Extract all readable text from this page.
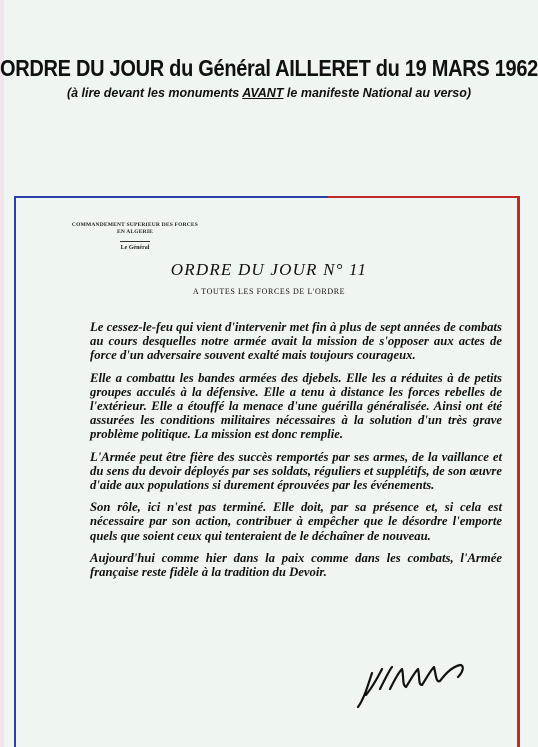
ORDRE DU JOUR du Général AILLERET du 19 MARS 1962
(à lire devant les monuments AVANT le manifeste National au verso)
COMMANDEMENT SUPERIEUR DES FORCES
EN ALGERIE
Le Général
ORDRE DU JOUR N° 11
A TOUTES LES FORCES DE L'ORDRE

Le cessez-le-feu qui vient d'intervenir met fin à plus de sept années de combats au cours desquelles notre armée avait la mission de s'opposer aux actes de force d'un adversaire souvent exalté mais toujours courageux.

Elle a combattu les bandes armées des djebels. Elle les a réduites à de petits groupes acculés à la défensive. Elle a tenu à distance les forces rebelles de l'extérieur. Elle a étouffé la menace d'une guérilla généralisée. Ainsi ont été assurées les conditions militaires nécessaires à la solution d'un très grave problème politique. La mission est donc remplie.

L'Armée peut être fière des succès remportés par ses armes, de la vaillance et du sens du devoir déployés par ses soldats, réguliers et supplétifs, de son œuvre d'aide aux populations si durement éprouvées par les événements.

Son rôle, ici n'est pas terminé. Elle doit, par sa présence et, si cela est nécessaire par son action, contribuer à empêcher que le désordre l'emporte quels que soient ceux qui tenteraient de le déchaîner de nouveau.

Aujourd'hui comme hier dans la paix comme dans les combats, l'Armée française reste fidèle à la tradition du Devoir.
